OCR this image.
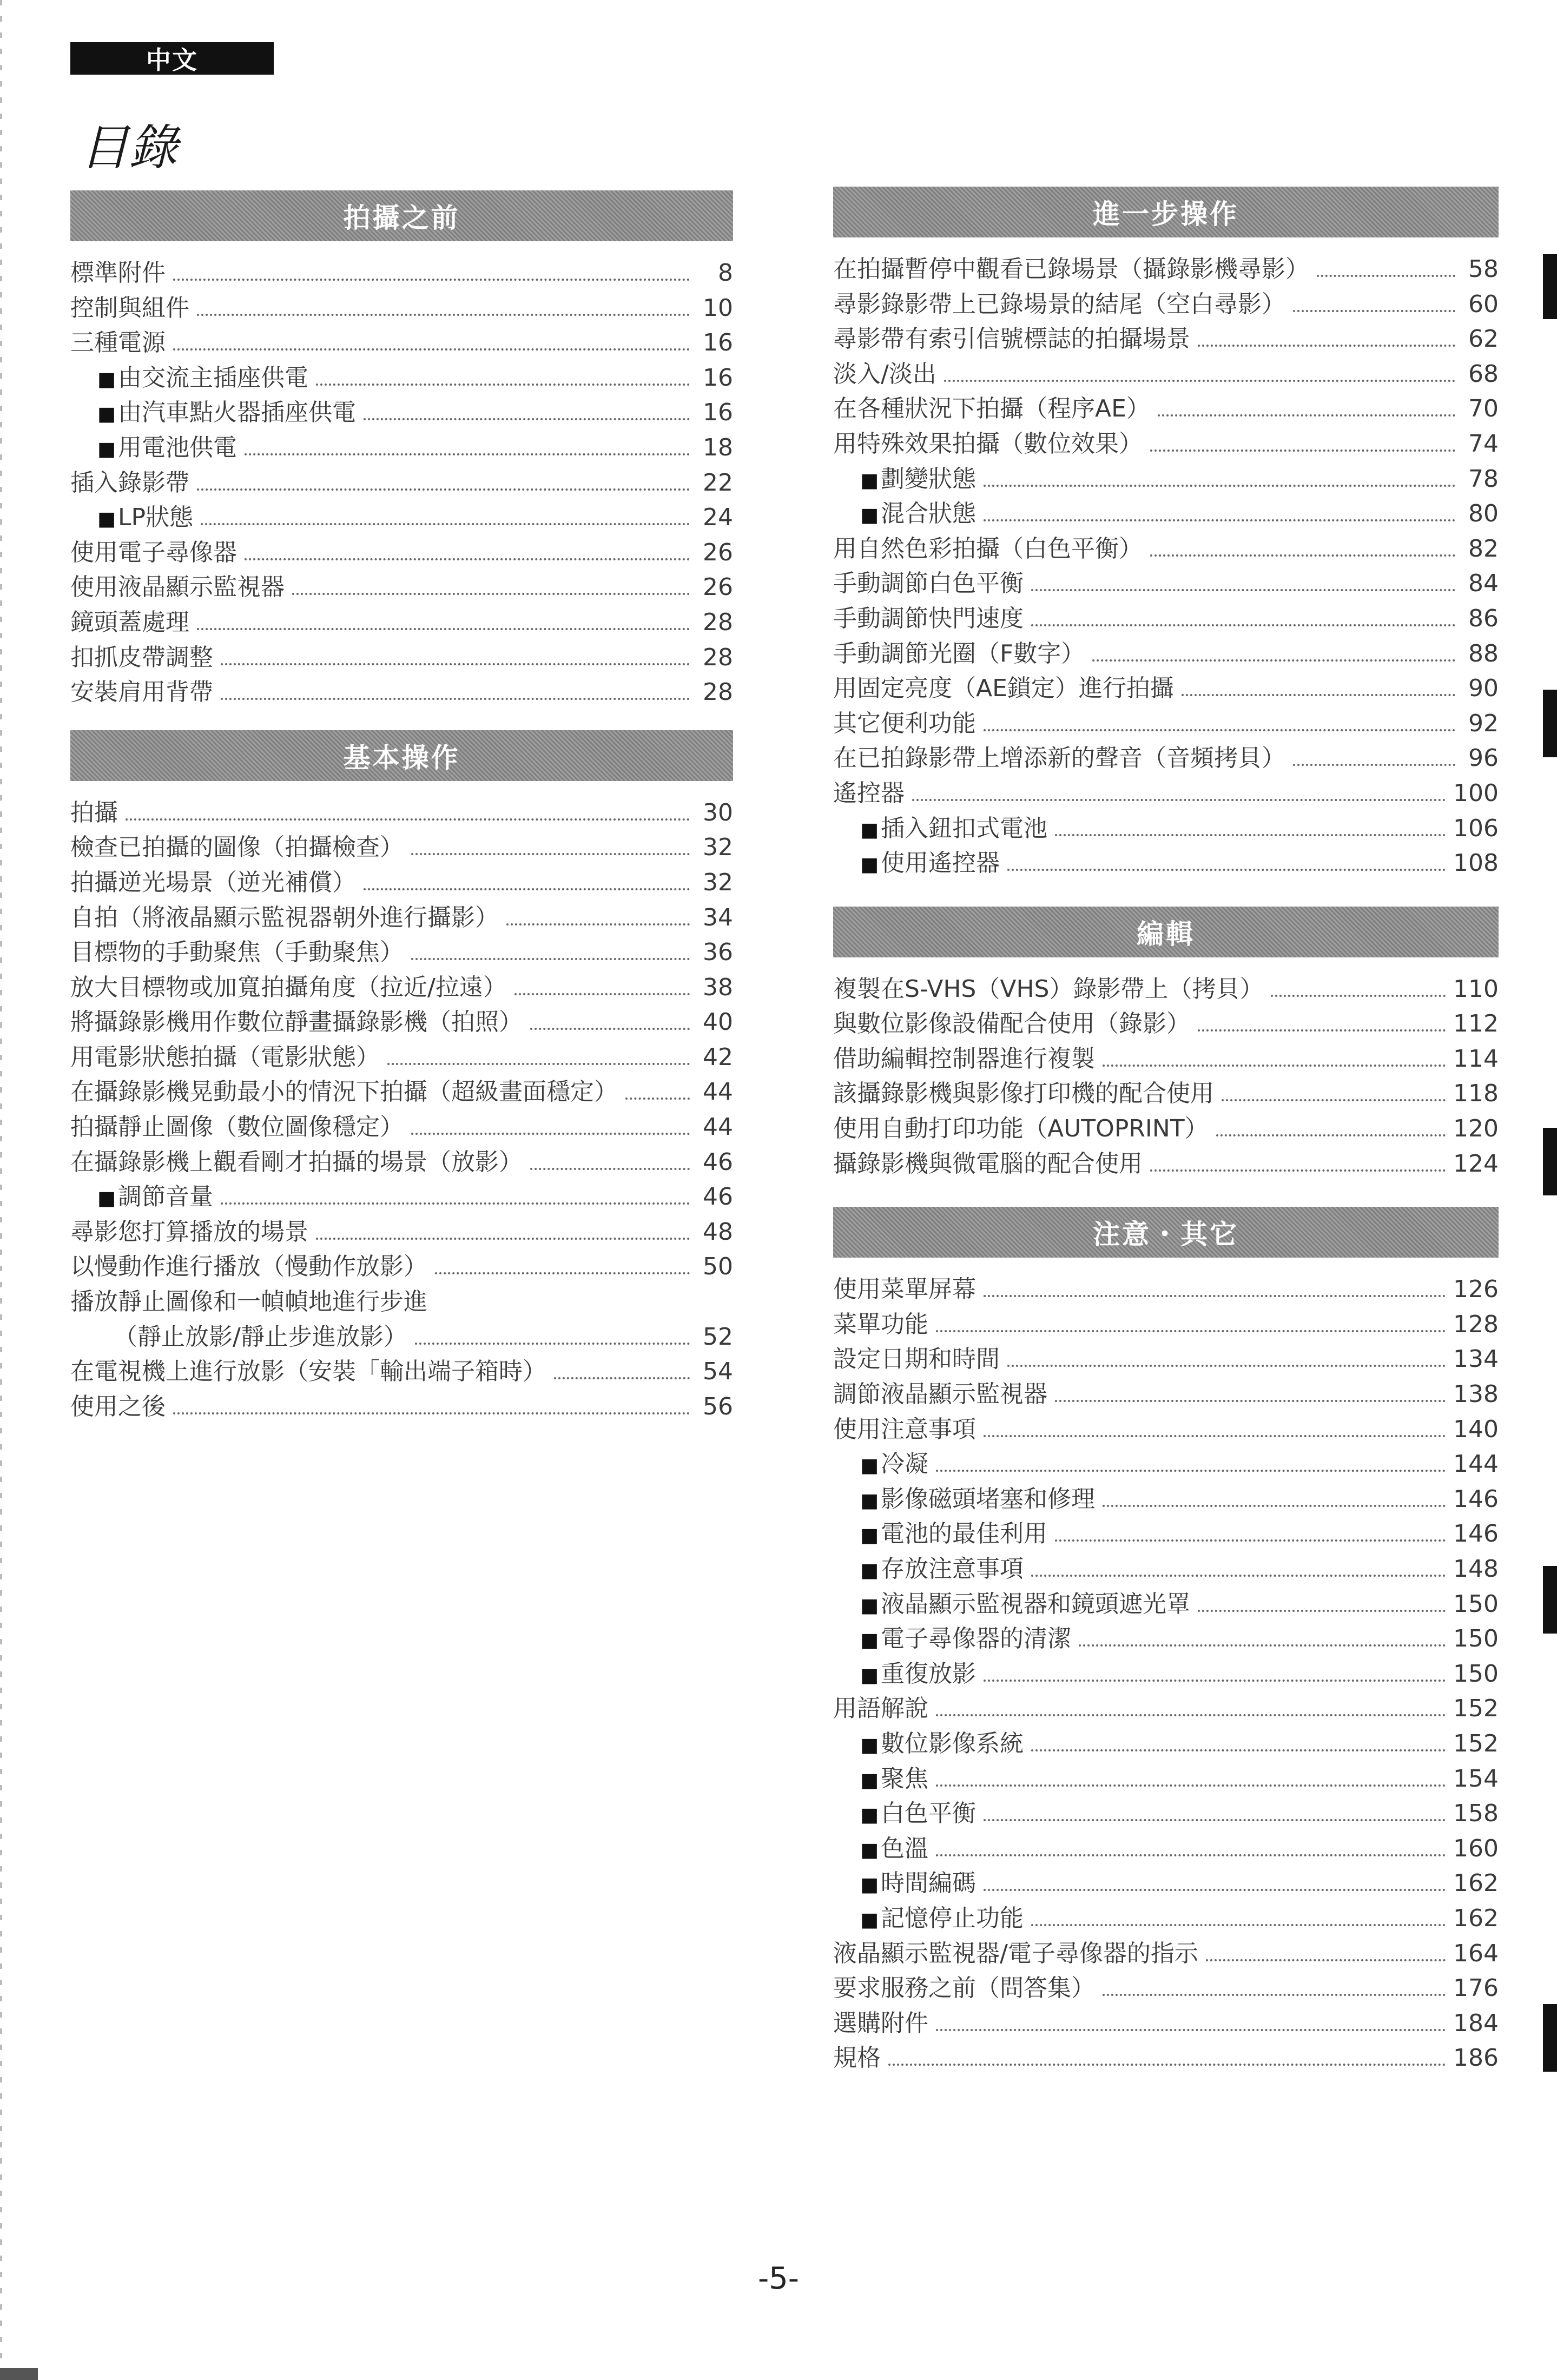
中文
目錄
拍攝之前
標準附件	8
控制與組件	10
三種電源	16
■ 由交流主插座供電	16
■ 由汽車點火器插座供電	16
■ 用電池供電	18
插入錄影帶	22
■ LP狀態	24
使用電子尋像器	26
使用液晶顯示監視器	26
鏡頭蓋處理	28
扣抓皮帶調整	28
安裝肩用背帶	28
基本操作
拍攝	30
檢查已拍攝的圖像（拍攝檢查）	32
拍攝逆光場景（逆光補償）	32
自拍（將液晶顯示監視器朝外進行攝影）	34
目標物的手動聚焦（手動聚焦）	36
放大目標物或加寬拍攝角度（拉近/拉遠）	38
將攝錄影機用作數位靜畫攝錄影機（拍照）	40
用電影狀態拍攝（電影狀態）	42
在攝錄影機晃動最小的情況下拍攝（超級畫面穩定）	44
拍攝靜止圖像（數位圖像穩定）	44
在攝錄影機上觀看剛才拍攝的場景（放影）	46
■ 調節音量	46
尋影您打算播放的場景	48
以慢動作進行播放（慢動作放影）	50
播放靜止圖像和一幀幀地進行步進
（靜止放影/靜止步進放影）	52
在電視機上進行放影（安裝「輸出端子箱時）	54
使用之後	56
進一步操作
在拍攝暫停中觀看已錄場景（攝錄影機尋影）	58
尋影錄影帶上已錄場景的結尾（空白尋影）	60
尋影帶有索引信號標誌的拍攝場景	62
淡入/淡出	68
在各種狀況下拍攝（程序AE）	70
用特殊效果拍攝（數位效果）	74
■ 劃變狀態	78
■ 混合狀態	80
用自然色彩拍攝（白色平衡）	82
手動調節白色平衡	84
手動調節快門速度	86
手動調節光圈（F數字）	88
用固定亮度（AE鎖定）進行拍攝	90
其它便利功能	92
在已拍錄影帶上增添新的聲音（音頻拷貝）	96
遙控器	100
■ 插入鈕扣式電池	106
■ 使用遙控器	108
編輯
複製在S-VHS（VHS）錄影帶上（拷貝）	110
與數位影像設備配合使用（錄影）	112
借助編輯控制器進行複製	114
該攝錄影機與影像打印機的配合使用	118
使用自動打印功能（AUTOPRINT）	120
攝錄影機與微電腦的配合使用	124
注意・其它
使用菜單屏幕	126
菜單功能	128
設定日期和時間	134
調節液晶顯示監視器	138
使用注意事項	140
■ 冷凝	144
■ 影像磁頭堵塞和修理	146
■ 電池的最佳利用	146
■ 存放注意事項	148
■ 液晶顯示監視器和鏡頭遮光罩	150
■ 電子尋像器的清潔	150
■ 重復放影	150
用語解說	152
■ 數位影像系統	152
■ 聚焦	154
■ 白色平衡	158
■ 色溫	160
■ 時間編碼	162
■ 記憶停止功能	162
液晶顯示監視器/電子尋像器的指示	164
要求服務之前（問答集）	176
選購附件	184
規格	186
-5-
